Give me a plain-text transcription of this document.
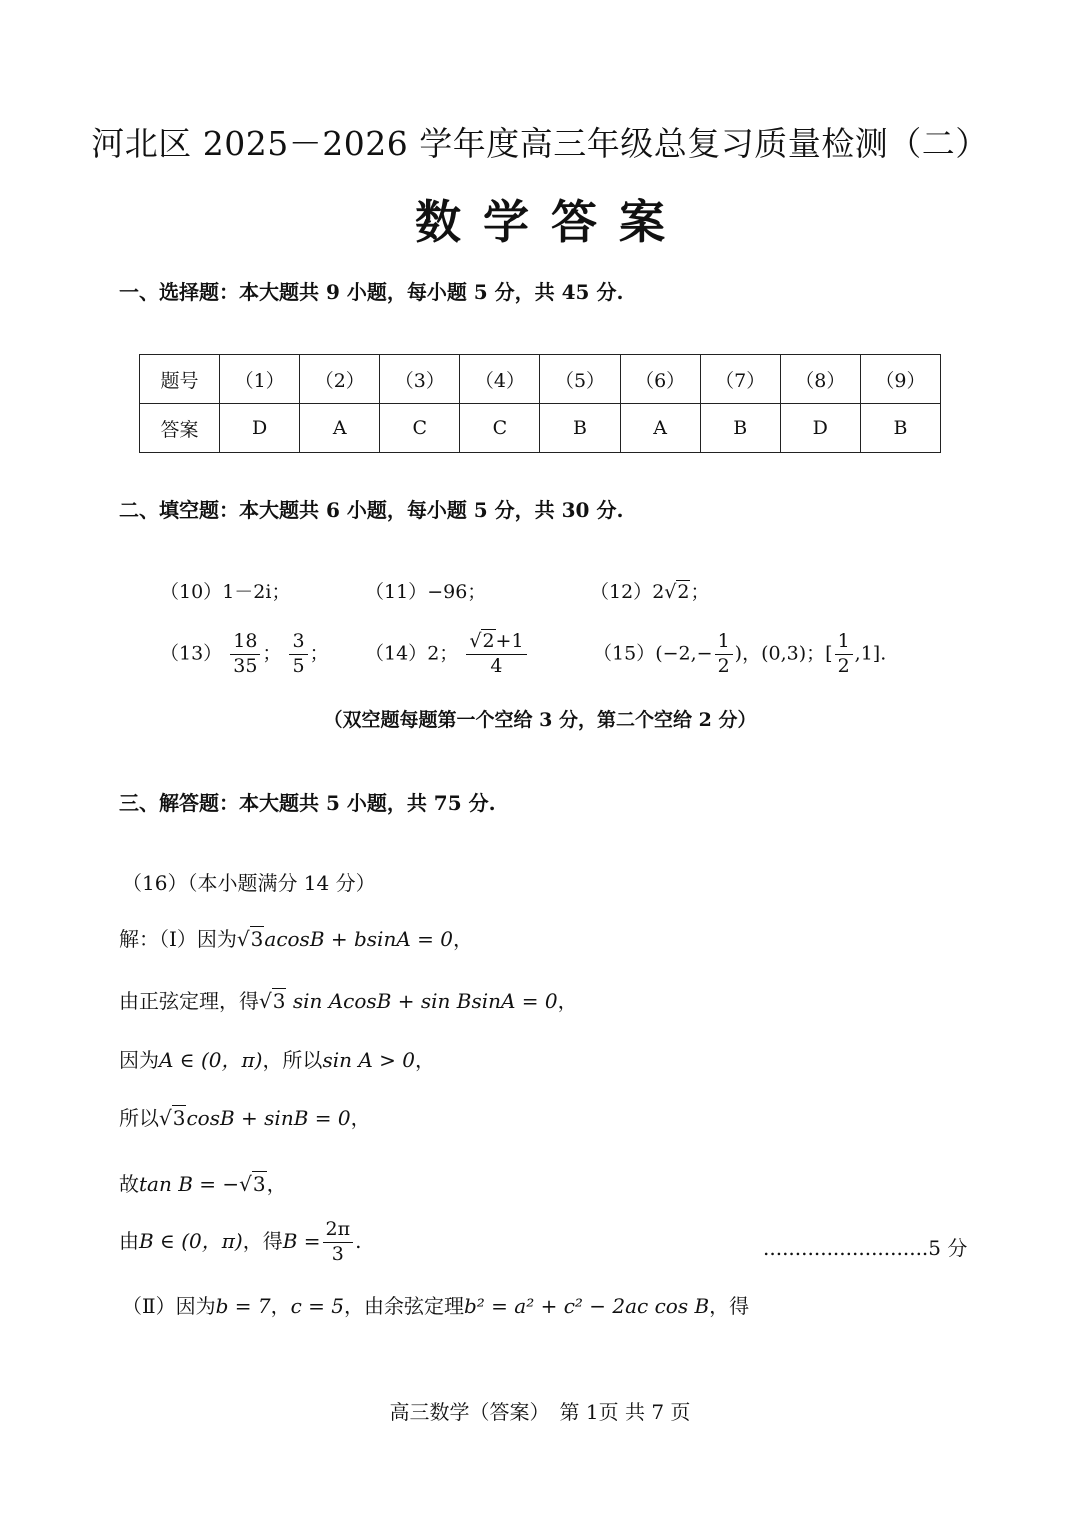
河北区 2025－2026 学年度高三年级总复习质量检测（二）
数学答案
一、选择题：本大题共 9 小题，每小题 5 分，共 45 分.
题号	（1）	（2）	（3）	（4）	（5）	（6）	（7）	（8）	（9）
答案	D	A	C	C	B	A	B	D	B
二、填空题：本大题共 6 小题，每小题 5 分，共 30 分.
（10）1－2i；	（11）−96；	（12）2√2；
$(13) \frac{18}{35}$ ； $\frac{3}{5}$ ； （14）2； $\frac{√2+1}{4}$	$(15)(-2,- \frac{1}{2}$ )，(0,3)；[ $\frac{1}{2} ,1$].
（双空题每题第一个空给 3 分，第二个空给 2 分）
三、解答题：本大题共 5 小题，共 75 分.
（16）（本小题满分 14 分）
解：（Ⅰ）因为√3acosB + bsinA = 0，
由正弦定理，得√3 sin AcosB + sin BsinA = 0，
因为A ∈ (0，π)，所以sin A > 0，
所以√3cosB + sinB = 0，
故tan B = −√3，
由B ∈ (0，π)，得$B = \frac{2\pi}{3}$ .	..........................5 分
（Ⅱ）因为b = 7，c = 5，由余弦定理b² = a² + c² − 2ac cos B，得
高三数学（答案）　第 1页 共 7 页
